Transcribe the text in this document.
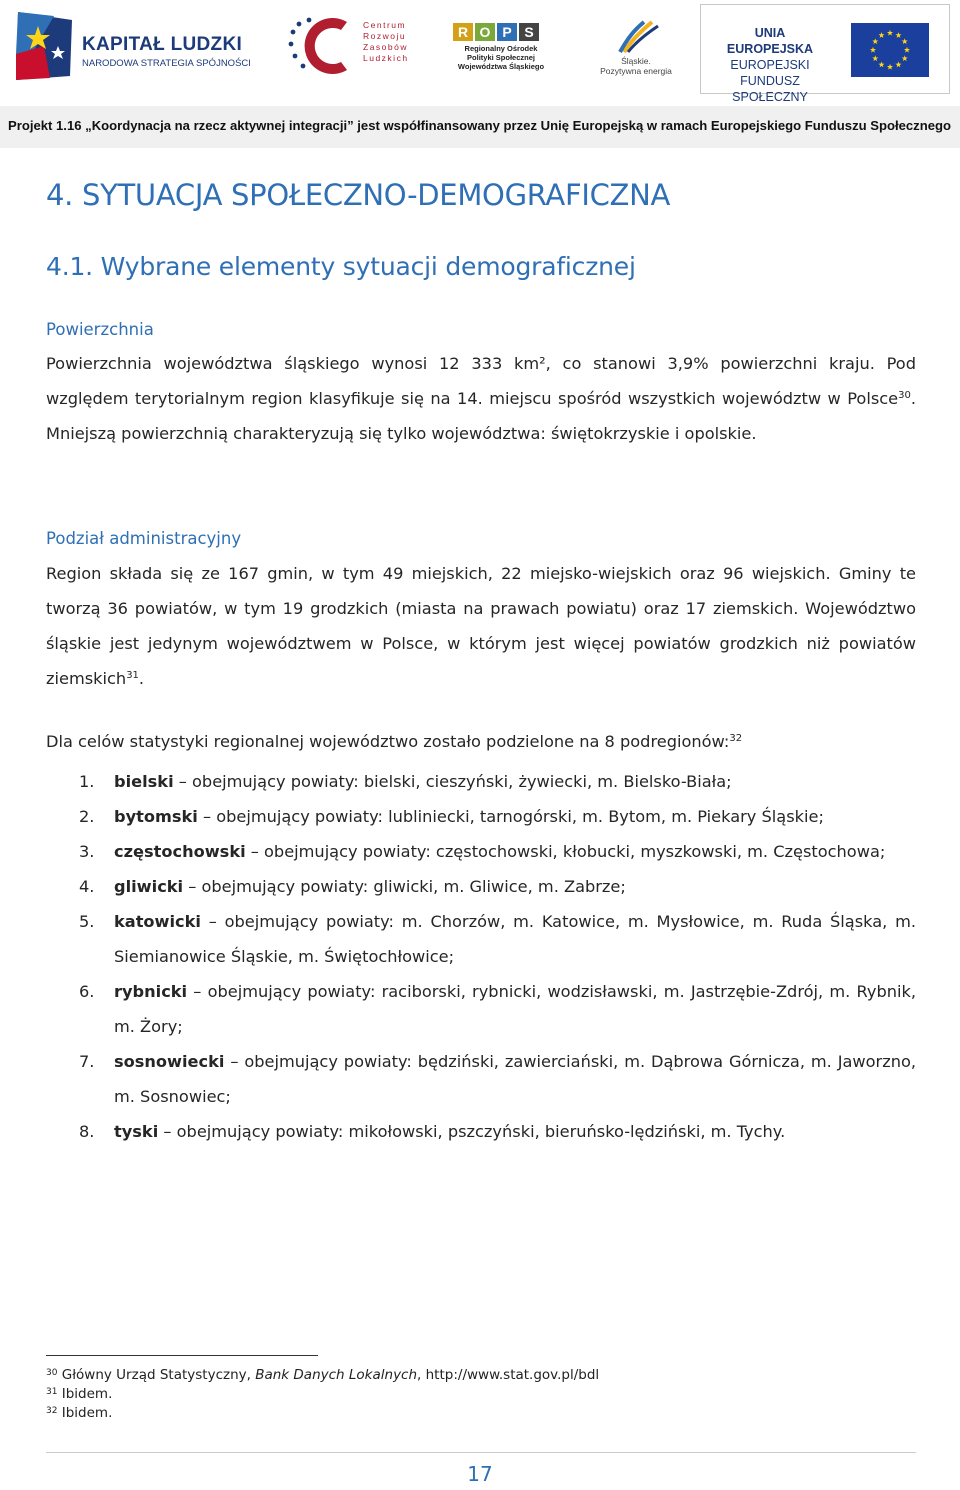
KAPITAŁ LUDZKI
NARODOWA STRATEGIA SPÓJNOŚCI
Centrum
Rozwoju
Zasobów
Ludzkich
R O P S
Regionalny Ośrodek
Polityki Społecznej
Województwa Śląskiego
Śląskie.
Pozytywna energia
UNIA EUROPEJSKA
EUROPEJSKI
FUNDUSZ SPOŁECZNY
Projekt 1.16 „Koordynacja na rzecz aktywnej integracji” jest współfinansowany przez Unię Europejską w ramach Europejskiego Funduszu Społecznego
4. SYTUACJA SPOŁECZNO-DEMOGRAFICZNA
4.1. Wybrane elementy sytuacji demograficznej
Powierzchnia

Powierzchnia województwa śląskiego wynosi 12 333 km², co stanowi 3,9% powierzchni kraju. Pod względem terytorialnym region klasyfikuje się na 14. miejscu spośród wszystkich województw w Polsce$^{30}$. Mniejszą powierzchnią charakteryzują się tylko województwa: świętokrzyskie i opolskie.

Podział administracyjny

Region składa się ze 167 gmin, w tym 49 miejskich, 22 miejsko-wiejskich oraz 96 wiejskich. Gminy te tworzą 36 powiatów, w tym 19 grodzkich (miasta na prawach powiatu) oraz 17 ziemskich. Województwo śląskie jest jedynym województwem w Polsce, w którym jest więcej powiatów grodzkich niż powiatów ziemskich$^{31}$.

Dla celów statystyki regionalnej województwo zostało podzielone na 8 podregionów:$^{32}$

1. bielski – obejmujący powiaty: bielski, cieszyński, żywiecki, m. Bielsko-Biała;
2. bytomski – obejmujący powiaty: lubliniecki, tarnogórski, m. Bytom, m. Piekary Śląskie;
3. częstochowski – obejmujący powiaty: częstochowski, kłobucki, myszkowski, m. Częstochowa;
4. gliwicki – obejmujący powiaty: gliwicki, m. Gliwice, m. Zabrze;
5. katowicki – obejmujący powiaty: m. Chorzów, m. Katowice, m. Mysłowice, m. Ruda Śląska, m. Siemianowice Śląskie, m. Świętochłowice;
6. rybnicki – obejmujący powiaty: raciborski, rybnicki, wodzisławski, m. Jastrzębie-Zdrój, m. Rybnik, m. Żory;
7. sosnowiecki – obejmujący powiaty: będziński, zawierciański, m. Dąbrowa Górnicza, m. Jaworzno, m. Sosnowiec;
8. tyski – obejmujący powiaty: mikołowski, pszczyński, bieruńsko-lędziński, m. Tychy.
$^{30}$ Główny Urząd Statystyczny, Bank Danych Lokalnych, http://www.stat.gov.pl/bdl
$^{31}$ Ibidem.
$^{32}$ Ibidem.
17
